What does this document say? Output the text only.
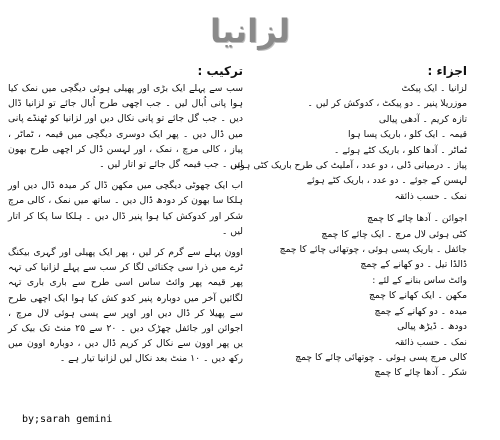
لزانیا
اجزاء :
لزانیا ۔ ایک پیکٹ
موزریلا پنیر ۔ دو پیکٹ ، کدوکش کر لیں ۔
تازہ کریم ۔ آدھی پیالی
قیمہ ۔ ایک کلو ، باریک پسا ہوا
ٹماٹر ۔ آدھا کلو ، باریک کٹے ہوئے ۔
پیاز ۔ درمیانی ڈلی ، دو عدد ، آملیٹ کی طرح باریک کٹی ہوئی
لہسن کے جوئے ۔ دو عدد ، باریک کٹے ہوئے
نمک ۔ حسب ذائقہ
اجوائن ۔ آدھا چائے کا چمچ
کٹی ہوئی لال مرچ ۔ ایک چائے کا چمچ
جائفل ۔ باریک پسی ہوئی ، چوتھائی چائے کا چمچ
ڈالڈا تیل ۔ دو کھانے کے چمچ
وائٹ ساس بنانے کے لئے :
مکھن ۔ ایک کھانے کا چمچ
میدہ ۔ دو کھانے کے چمچ
دودھ ۔ ڈیڑھ پیالی
نمک ۔ حسب ذائقہ
کالی مرچ پسی ہوئی ۔ چوتھائی چائے کا چمچ
شکر ۔ آدھا چائے کا چمچ
ترکیب :

سب سے پہلے ایک بڑی اور پھیلی ہوئی دیگچی میں نمک کیا ہوا پانی اُبال لیں ۔ جب اچھی طرح اُبال جائے تو لزانیا ڈال دیں ۔ جب گل جائے تو پانی نکال دیں اور لزانیا کو ٹھنڈے پانی میں ڈال دیں ۔ پھر ایک دوسری دیگچی میں قیمہ ، ٹماٹر ، پیاز ، کالی مرچ ، نمک ، اور لہسن ڈال کر اچھی طرح بھون لیں ۔ جب قیمہ گل جائے تو اتار لیں ۔

اب ایک چھوٹی دیگچی میں مکھن ڈال کر میدہ ڈال دیں اور ہلکا سا بھون کر دودھ ڈال دیں ۔ ساتھ میں نمک ، کالی مرچ شکر اور کدوکش کیا ہوا پنیر ڈال دیں ۔ ہلکا سا پکا کر اتار لیں ۔

اوون پہلے سے گرم کر لیں ، پھر ایک پھیلی اور گہری بیکنگ ٹرے میں ذرا سی چکنائی لگا کر سب سے پہلے لزانیا کی تہہ پھر قیمہ پھر وائٹ ساس اسی طرح سے باری باری تہہ لگائیں آخر میں دوبارہ پنیر کدو کش کیا ہوا ایک اچھی طرح سے پھیلا کر ڈال دیں اور اوپر سے پسی ہوئی لال مرچ ، اجوائن اور جائفل چھڑک دیں ۔ ۲۰ سے ۲۵ منٹ تک بیک کر یں پھر اوون سے نکال کر کریم ڈال دیں ، دوبارہ اوون میں رکھ دیں ۔ ۱۰ منٹ بعد نکال لیں لزانیا تیار ہے ۔

by;sarah gemini
